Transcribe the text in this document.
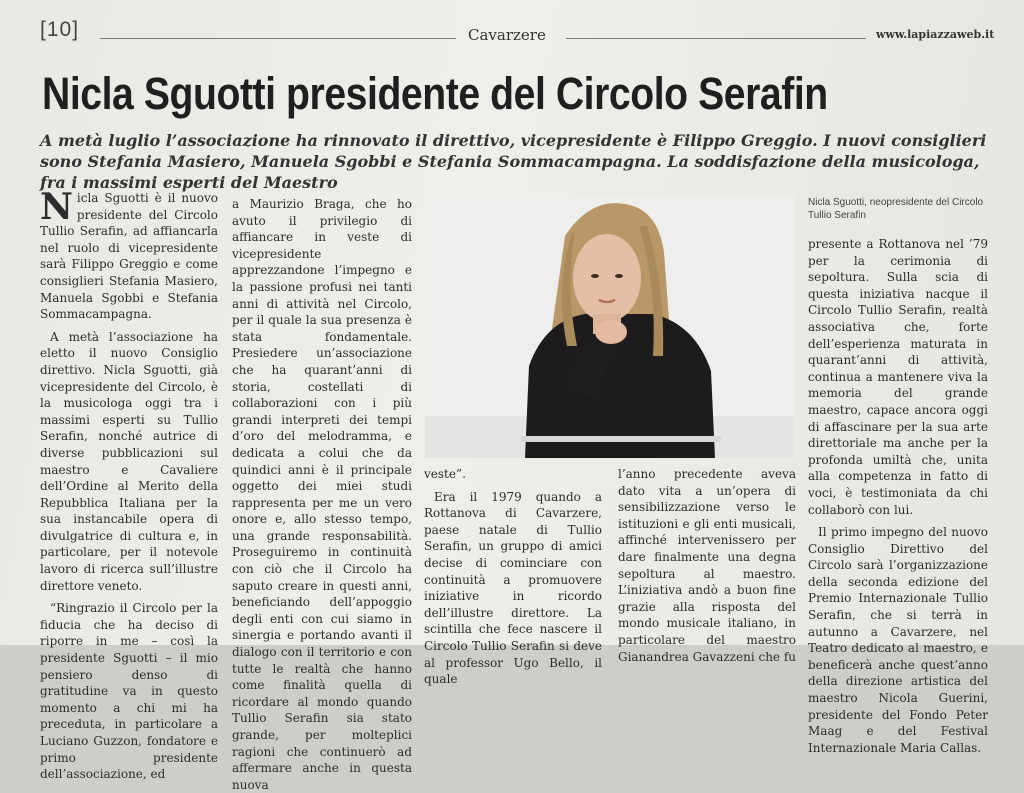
[10]	Cavarzere	www.lapiazzaweb.it
Nicla Sguotti presidente del Circolo Serafin

A metà luglio l’associazione ha rinnovato il direttivo, vicepresidente è Filippo Greggio. I nuovi consiglieri sono Stefania Masiero, Manuela Sgobbi e Stefania Sommacampagna. La soddisfazione della musicologa, fra i massimi esperti del Maestro

Nicla Sguotti è il nuovo presidente del Circolo Tullio Serafin, ad affiancarla nel ruolo di vicepresidente sarà Filippo Greggio e come consiglieri Stefania Masiero, Manuela Sgobbi e Stefania Sommacampagna.

A metà l’associazione ha eletto il nuovo Consiglio direttivo. Nicla Sguotti, già vicepresidente del Circolo, è la musicologa oggi tra i massimi esperti su Tullio Serafin, nonché autrice di diverse pubblicazioni sul maestro e Cavaliere dell’Ordine al Merito della Repubblica Italiana per la sua instancabile opera di divulgatrice di cultura e, in particolare, per il notevole lavoro di ricerca sull’illustre direttore veneto.

“Ringrazio il Circolo per la fiducia che ha deciso di riporre in me – così la presidente Sguotti – il mio pensiero denso di gratitudine va in questo momento a chi mi ha preceduta, in particolare a Luciano Guzzon, fondatore e primo presidente dell’associazione, ed

a Maurizio Braga, che ho avuto il privilegio di affiancare in veste di vicepresidente apprezzandone l’impegno e la passione profusi nei tanti anni di attività nel Circolo, per il quale la sua presenza è stata fondamentale. Presiedere un’associazione che ha quarant’anni di storia, costellati di collaborazioni con i più grandi interpreti dei tempi d’oro del melodramma, e dedicata a colui che da quindici anni è il principale oggetto dei miei studi rappresenta per me un vero onore e, allo stesso tempo, una grande responsabilità. Proseguiremo in continuità con ciò che il Circolo ha saputo creare in questi anni, beneficiando dell’appoggio degli enti con cui siamo in sinergia e portando avanti il dialogo con il territorio e con tutte le realtà che hanno come finalità quella di ricordare al mondo quando Tullio Serafin sia stato grande, per molteplici ragioni che continuerò ad affermare anche in questa nuova

Nicla Sguotti, neopresidente del Circolo Tullio Serafin

veste”.

Era il 1979 quando a Rottanova di Cavarzere, paese natale di Tullio Serafin, un gruppo di amici decise di cominciare con continuità a promuovere iniziative in ricordo dell’illustre direttore. La scintilla che fece nascere il Circolo Tullio Serafin si deve al professor Ugo Bello, il quale

l’anno precedente aveva dato vita a un’opera di sensibilizzazione verso le istituzioni e gli enti musicali, affinché intervenissero per dare finalmente una degna sepoltura al maestro. L’iniziativa andò a buon fine grazie alla risposta del mondo musicale italiano, in particolare del maestro Gianandrea Gavazzeni che fu

presente a Rottanova nel ’79 per la cerimonia di sepoltura. Sulla scia di questa iniziativa nacque il Circolo Tullio Serafin, realtà associativa che, forte dell’esperienza maturata in quarant’anni di attività, continua a mantenere viva la memoria del grande maestro, capace ancora oggi di affascinare per la sua arte direttoriale ma anche per la profonda umiltà che, unita alla competenza in fatto di voci, è testimoniata da chi collaborò con lui.

Il primo impegno del nuovo Consiglio Direttivo del Circolo sarà l’organizzazione della seconda edizione del Premio Internazionale Tullio Serafin, che si terrà in autunno a Cavarzere, nel Teatro dedicato al maestro, e beneficerà anche quest’anno della direzione artistica del maestro Nicola Guerini, presidente del Fondo Peter Maag e del Festival Internazionale Maria Callas.
